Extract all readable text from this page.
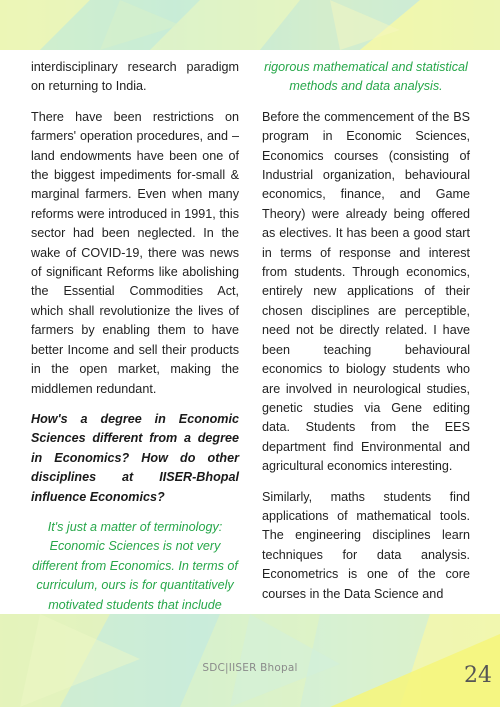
interdisciplinary research paradigm on returning to India.

There have been restrictions on farmers' operation procedures, and – land endowments have been one of the biggest impediments for-small & marginal farmers. Even when many reforms were introduced in 1991, this sector had been neglected. In the wake of COVID-19, there was news of significant Reforms like abolishing the Essential Commodities Act, which shall revolutionize the lives of farmers by enabling them to have better Income and sell their products in the open market, making the middlemen redundant.

How's a degree in Economic Sciences different from a degree in Economics? How do other disciplines at IISER-Bhopal influence Economics?

It's just a matter of terminology: Economic Sciences is not very different from Economics. In terms of curriculum, ours is for quantitatively motivated students that include

rigorous mathematical and statistical methods and data analysis.

Before the commencement of the BS program in Economic Sciences, Economics courses (consisting of Industrial organization, behavioural economics, finance, and Game Theory) were already being offered as electives. It has been a good start in terms of response and interest from students. Through economics, entirely new applications of their chosen disciplines are perceptible, need not be directly related. I have been teaching behavioural economics to biology students who are involved in neurological studies, genetic studies via Gene editing data. Students from the EES department find Environmental and agricultural economics interesting.

Similarly, maths students find applications of mathematical tools. The engineering disciplines learn techniques for data analysis. Econometrics is one of the core courses in the Data Science and

SDC|IISER Bhopal	24
